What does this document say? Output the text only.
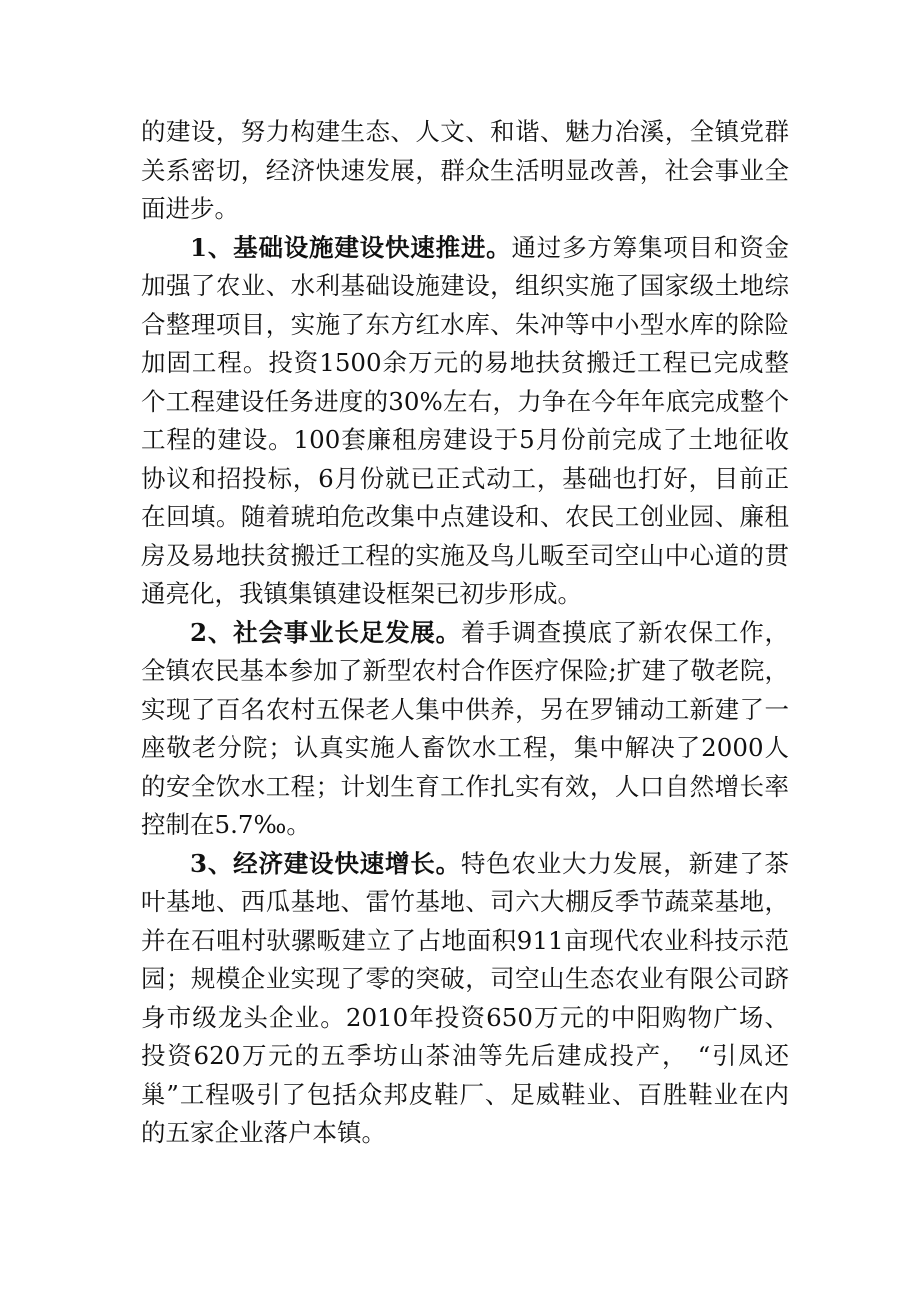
的建设，努力构建生态、人文、和谐、魅力冶溪，全镇党群关系密切，经济快速发展，群众生活明显改善，社会事业全面进步。

1、基础设施建设快速推进。通过多方筹集项目和资金加强了农业、水利基础设施建设，组织实施了国家级土地综合整理项目，实施了东方红水库、朱冲等中小型水库的除险加固工程。投资1500余万元的易地扶贫搬迁工程已完成整个工程建设任务进度的30%左右，力争在今年年底完成整个工程的建设。100套廉租房建设于5月份前完成了土地征收协议和招投标，6月份就已正式动工，基础也打好，目前正在回填。随着琥珀危改集中点建设和、农民工创业园、廉租房及易地扶贫搬迁工程的实施及鸟儿畈至司空山中心道的贯通亮化，我镇集镇建设框架已初步形成。

2、社会事业长足发展。着手调查摸底了新农保工作，全镇农民基本参加了新型农村合作医疗保险;扩建了敬老院，实现了百名农村五保老人集中供养，另在罗铺动工新建了一座敬老分院；认真实施人畜饮水工程，集中解决了2000人的安全饮水工程；计划生育工作扎实有效，人口自然增长率控制在5.7‰。

3、经济建设快速增长。特色农业大力发展，新建了茶叶基地、西瓜基地、雷竹基地、司六大棚反季节蔬菜基地，并在石咀村驮骡畈建立了占地面积911亩现代农业科技示范园；规模企业实现了零的突破，司空山生态农业有限公司跻身市级龙头企业。2010年投资650万元的中阳购物广场、投资620万元的五季坊山茶油等先后建成投产， “引凤还巢”工程吸引了包括众邦皮鞋厂、足威鞋业、百胜鞋业在内的五家企业落户本镇。
